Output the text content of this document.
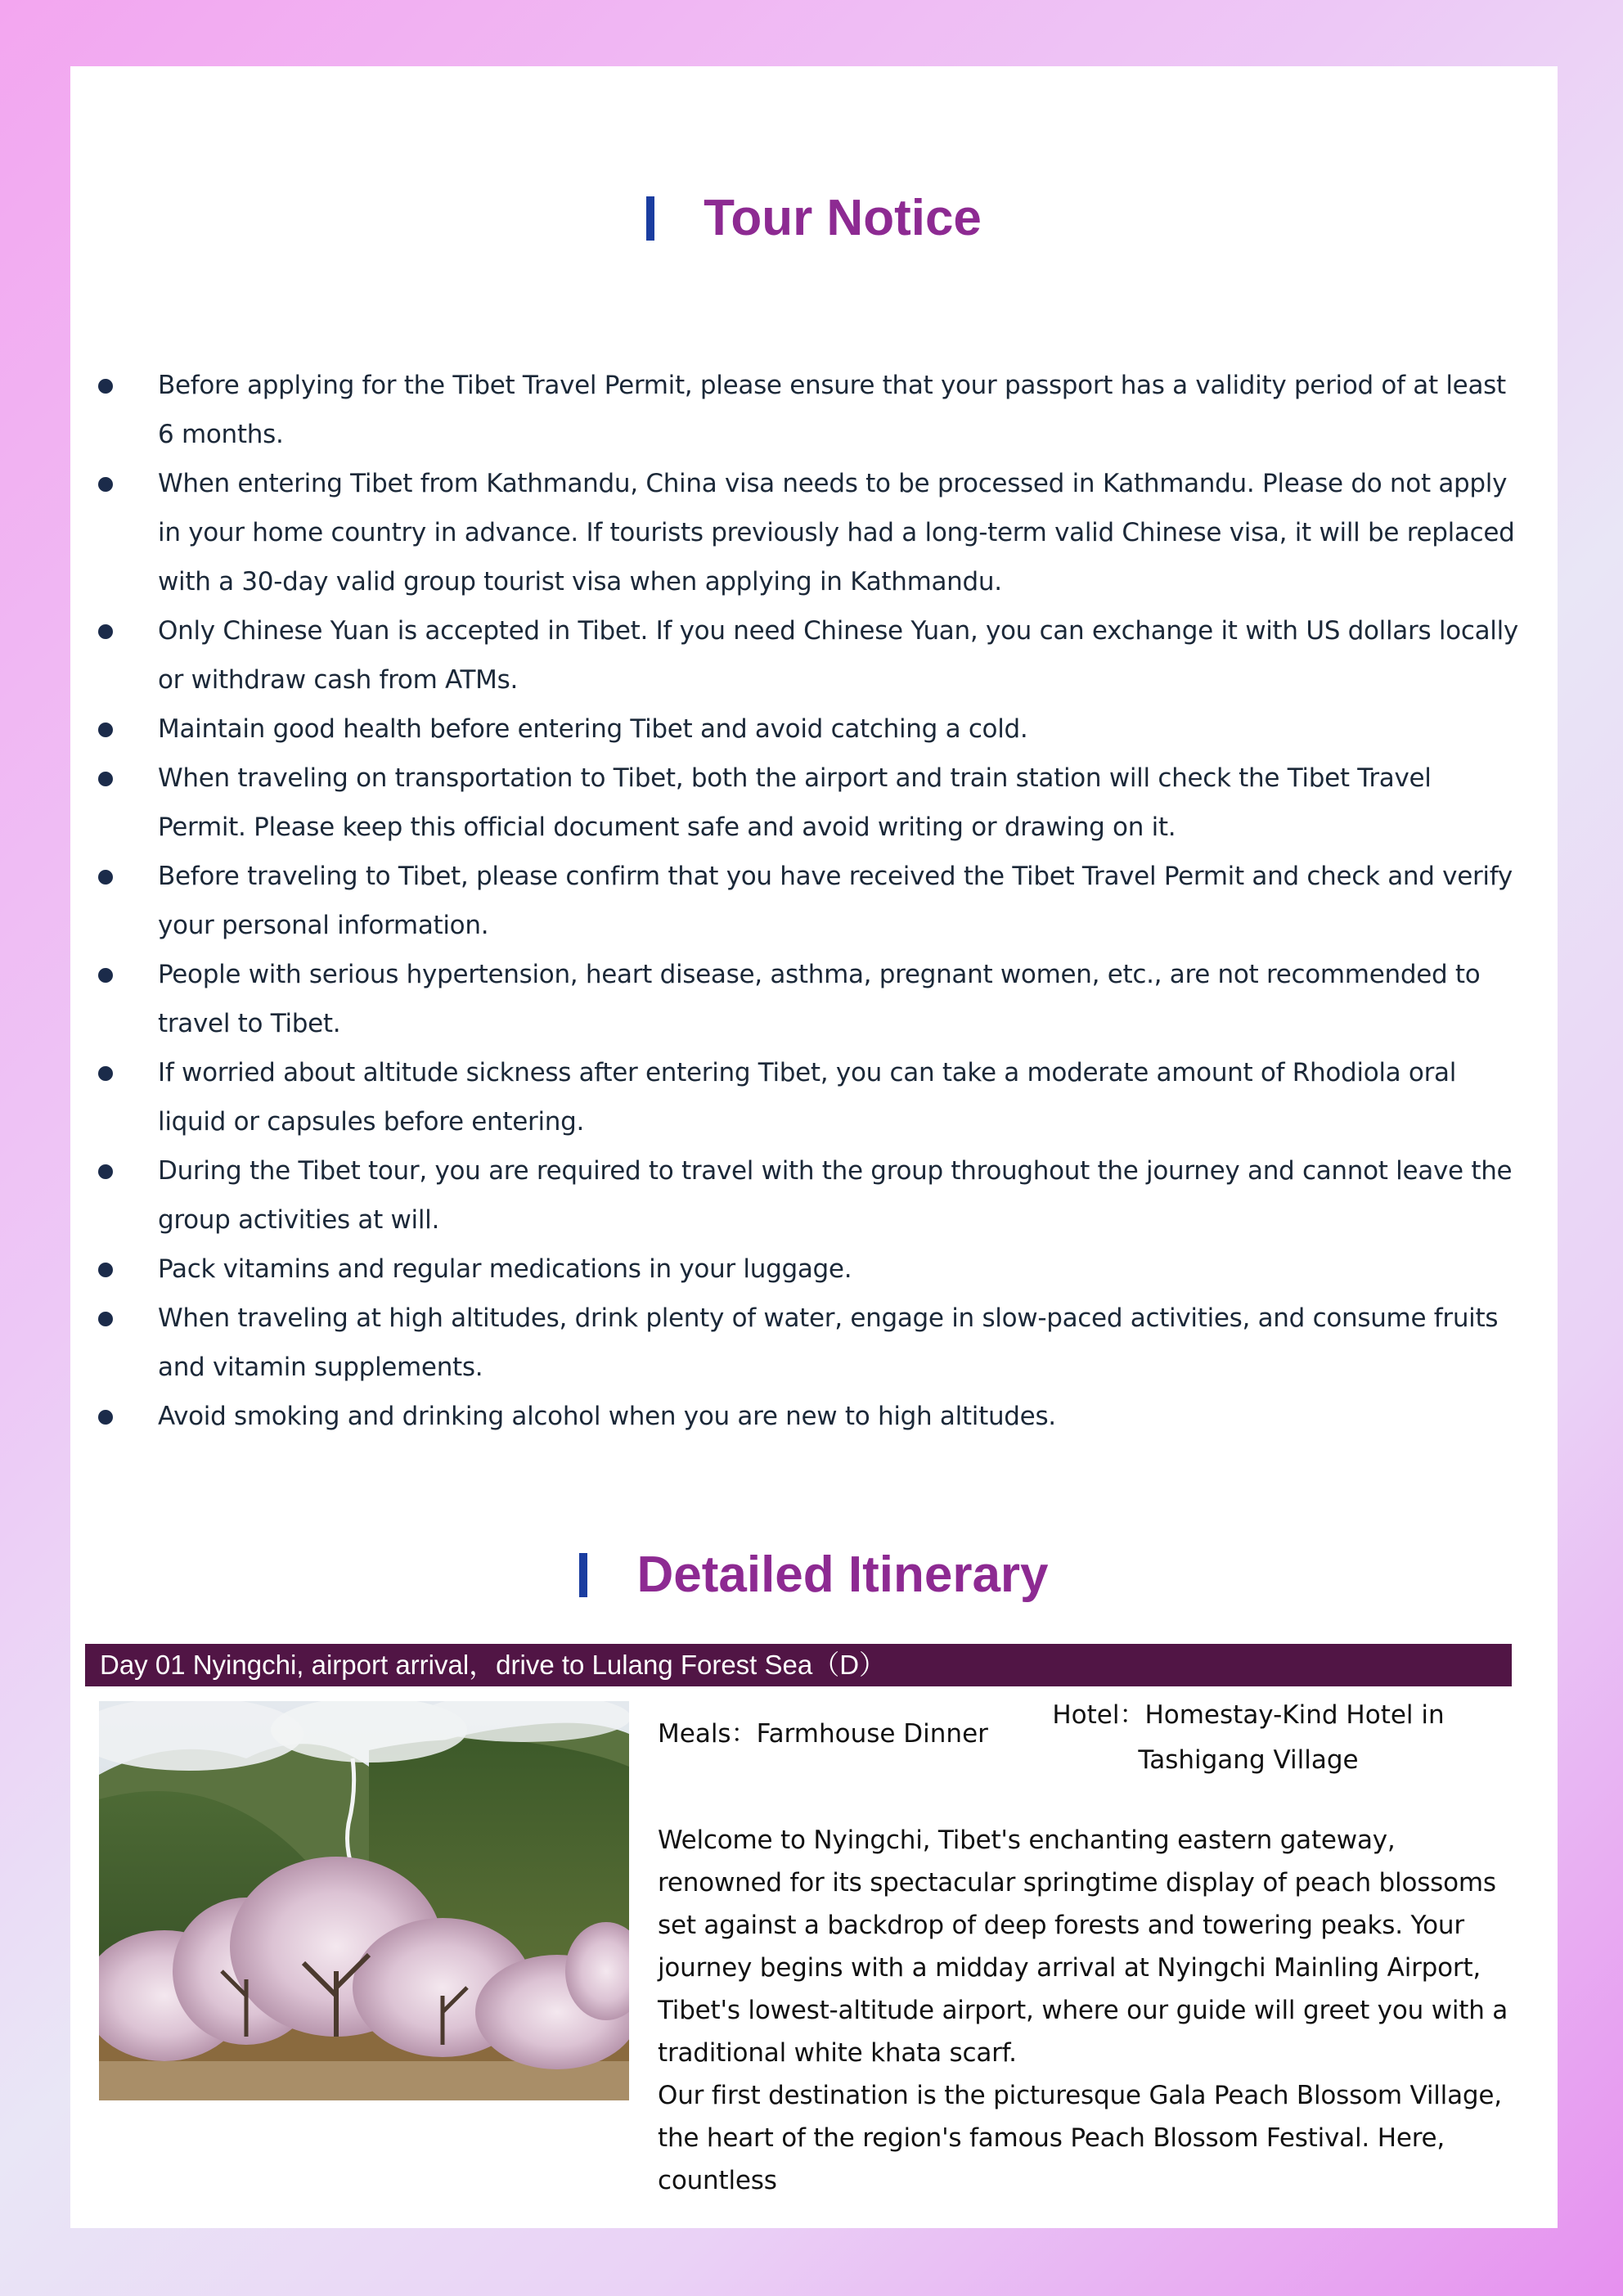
Tour Notice
Before applying for the Tibet Travel Permit, please ensure that your passport has a validity period of at least 6 months.
When entering Tibet from Kathmandu, China visa needs to be processed in Kathmandu. Please do not apply in your home country in advance. If tourists previously had a long-term valid Chinese visa, it will be replaced with a 30-day valid group tourist visa when applying in Kathmandu.
Only Chinese Yuan is accepted in Tibet. If you need Chinese Yuan, you can exchange it with US dollars locally or withdraw cash from ATMs.
Maintain good health before entering Tibet and avoid catching a cold.
When traveling on transportation to Tibet, both the airport and train station will check the Tibet Travel Permit. Please keep this official document safe and avoid writing or drawing on it.
Before traveling to Tibet, please confirm that you have received the Tibet Travel Permit and check and verify your personal information.
People with serious hypertension, heart disease, asthma, pregnant women, etc., are not recommended to travel to Tibet.
If worried about altitude sickness after entering Tibet, you can take a moderate amount of Rhodiola oral liquid or capsules before entering.
During the Tibet tour, you are required to travel with the group throughout the journey and cannot leave the group activities at will.
Pack vitamins and regular medications in your luggage.
When traveling at high altitudes, drink plenty of water, engage in slow-paced activities, and consume fruits and vitamin supplements.
Avoid smoking and drinking alcohol when you are new to high altitudes.
Detailed Itinerary
Day 01 Nyingchi, airport arrival，drive to Lulang Forest Sea（D）
Meals：Farmhouse Dinner
Hotel：Homestay-Kind Hotel in Tashigang Village

Welcome to Nyingchi, Tibet's enchanting eastern gateway, renowned for its spectacular springtime display of peach blossoms set against a backdrop of deep forests and towering peaks. Your journey begins with a midday arrival at Nyingchi Mainling Airport, Tibet's lowest-altitude airport, where our guide will greet you with a traditional white khata scarf.

Our first destination is the picturesque Gala Peach Blossom Village, the heart of the region's famous Peach Blossom Festival. Here, countless
